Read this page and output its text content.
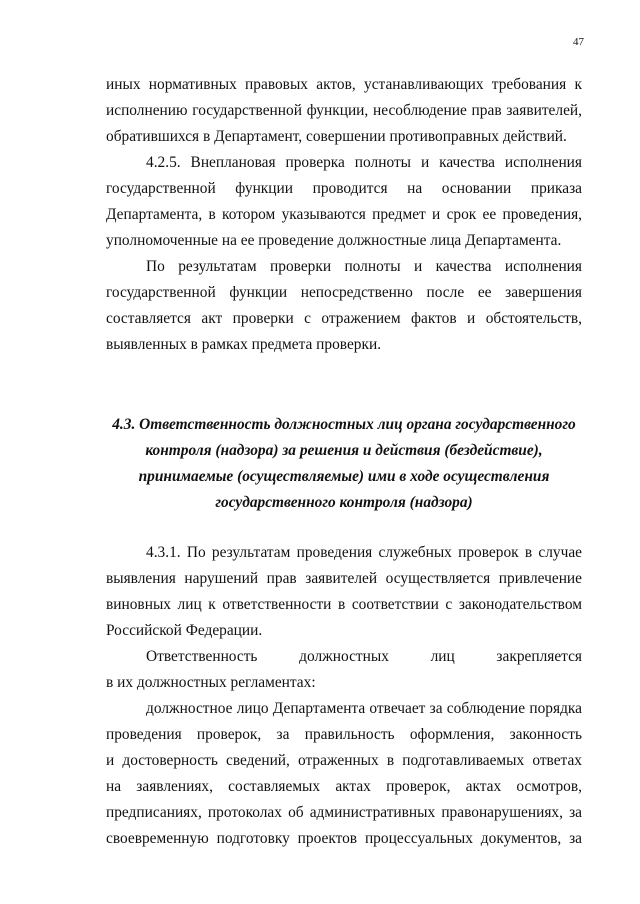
47
иных нормативных правовых актов, устанавливающих требования к
исполнению государственной функции, несоблюдение прав заявителей,
обратившихся в Департамент, совершении противоправных действий.
4.2.5. Внеплановая проверка полноты и качества исполнения
государственной функции проводится на основании приказа
Департамента, в котором указываются предмет и срок ее проведения,
уполномоченные на ее проведение должностные лица Департамента.
По результатам проверки полноты и качества исполнения
государственной функции непосредственно после ее завершения
составляется акт проверки с отражением фактов и обстоятельств,
выявленных в рамках предмета проверки.
4.3. Ответственность должностных лиц органа государственного
контроля (надзора) за решения и действия (бездействие),
принимаемые (осуществляемые) ими в ходе осуществления
государственного контроля (надзора)
4.3.1. По результатам проведения служебных проверок в случае
выявления нарушений прав заявителей осуществляется привлечение
виновных лиц к ответственности в соответствии с законодательством
Российской Федерации.
Ответственность должностных лиц закрепляется
в их должностных регламентах:
должностное лицо Департамента отвечает за соблюдение порядка
проведения проверок, за правильность оформления, законность
и достоверность сведений, отраженных в подготавливаемых ответах
на заявлениях, составляемых актах проверок, актах осмотров,
предписаниях, протоколах об административных правонарушениях, за
своевременную подготовку проектов процессуальных документов, за
